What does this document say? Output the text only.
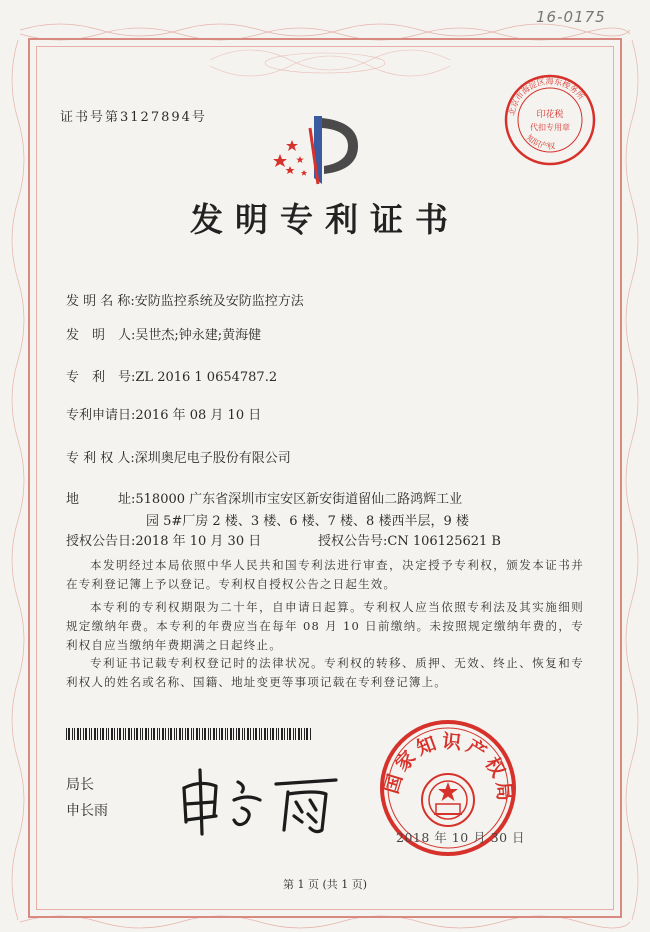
16-0175
证书号第3127894号	北京市海淀区海东梭务所
印花税
代扣专用章
知识产权
发明专利证书
发 明 名 称:安防监控系统及安防监控方法
发　明　人:吴世杰;钟永建;黄海健
专　利　号:ZL 2016 1 0654787.2
专利申请日:2016 年 08 月 10 日
专 利 权 人:深圳奥尼电子股份有限公司
地　　　址:518000 广东省深圳市宝安区新安街道留仙二路鸿辉工业
园 5#厂房 2 楼、3 楼、6 楼、7 楼、8 楼西半层，9 楼
授权公告日:2018 年 10 月 30 日	授权公告号:CN 106125621 B
本发明经过本局依照中华人民共和国专利法进行审查，决定授予专利权，颁发本证书并在专利登记簿上予以登记。专利权自授权公告之日起生效。
本专利的专利权期限为二十年，自申请日起算。专利权人应当依照专利法及其实施细则规定缴纳年费。本专利的年费应当在每年 08 月 10 日前缴纳。未按照规定缴纳年费的，专利权自应当缴纳年费期满之日起终止。
专利证书记载专利权登记时的法律状况。专利权的转移、质押、无效、终止、恢复和专利权人的姓名或名称、国籍、地址变更等事项记载在专利登记簿上。
局长
申长雨
国家知识产权局
2018 年 10 月 30 日
第 1 页 (共 1 页)
